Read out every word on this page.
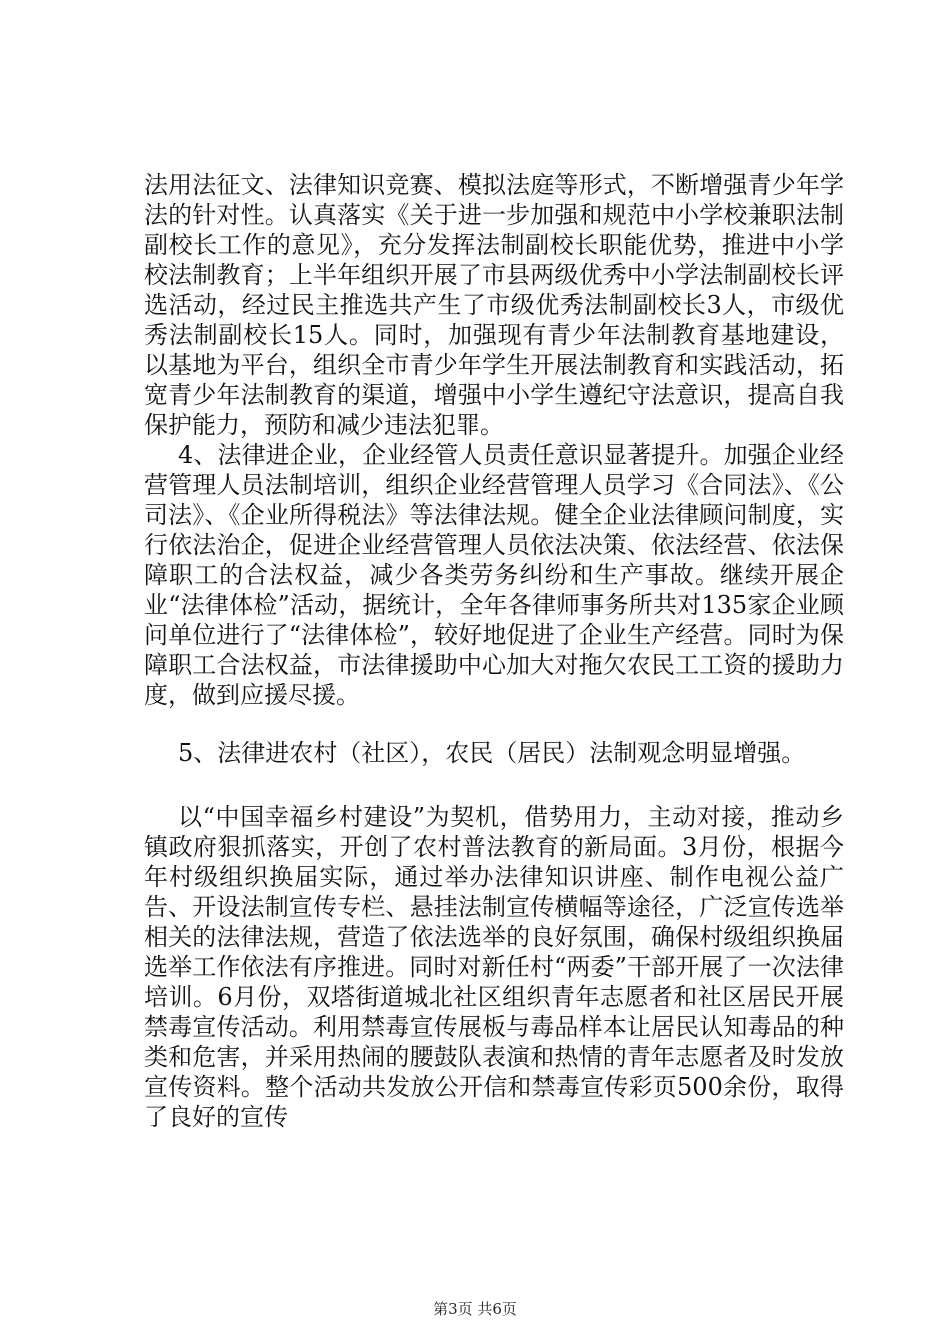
法用法征文、法律知识竞赛、模拟法庭等形式，不断增强青少年学法的针对性。认真落实《关于进一步加强和规范中小学校兼职法制副校长工作的意见》，充分发挥法制副校长职能优势，推进中小学校法制教育；上半年组织开展了市县两级优秀中小学法制副校长评选活动，经过民主推选共产生了市级优秀法制副校长3人，市级优秀法制副校长15人。同时，加强现有青少年法制教育基地建设，以基地为平台，组织全市青少年学生开展法制教育和实践活动，拓宽青少年法制教育的渠道，增强中小学生遵纪守法意识，提高自我保护能力，预防和减少违法犯罪。

4、法律进企业，企业经管人员责任意识显著提升。加强企业经营管理人员法制培训，组织企业经营管理人员学习《合同法》、《公司法》、《企业所得税法》等法律法规。健全企业法律顾问制度，实行依法治企，促进企业经营管理人员依法决策、依法经营、依法保障职工的合法权益，减少各类劳务纠纷和生产事故。继续开展企业“法律体检”活动，据统计，全年各律师事务所共对135家企业顾问单位进行了“法律体检”，较好地促进了企业生产经营。同时为保障职工合法权益，市法律援助中心加大对拖欠农民工工资的援助力度，做到应援尽援。

5、法律进农村（社区），农民（居民）法制观念明显增强。

以“中国幸福乡村建设”为契机，借势用力，主动对接，推动乡镇政府狠抓落实，开创了农村普法教育的新局面。3月份，根据今年村级组织换届实际，通过举办法律知识讲座、制作电视公益广告、开设法制宣传专栏、悬挂法制宣传横幅等途径，广泛宣传选举相关的法律法规，营造了依法选举的良好氛围，确保村级组织换届选举工作依法有序推进。同时对新任村“两委”干部开展了一次法律培训。6月份，双塔街道城北社区组织青年志愿者和社区居民开展禁毒宣传活动。利用禁毒宣传展板与毒品样本让居民认知毒品的种类和危害，并采用热闹的腰鼓队表演和热情的青年志愿者及时发放宣传资料。整个活动共发放公开信和禁毒宣传彩页500余份，取得了良好的宣传

第3页 共6页
